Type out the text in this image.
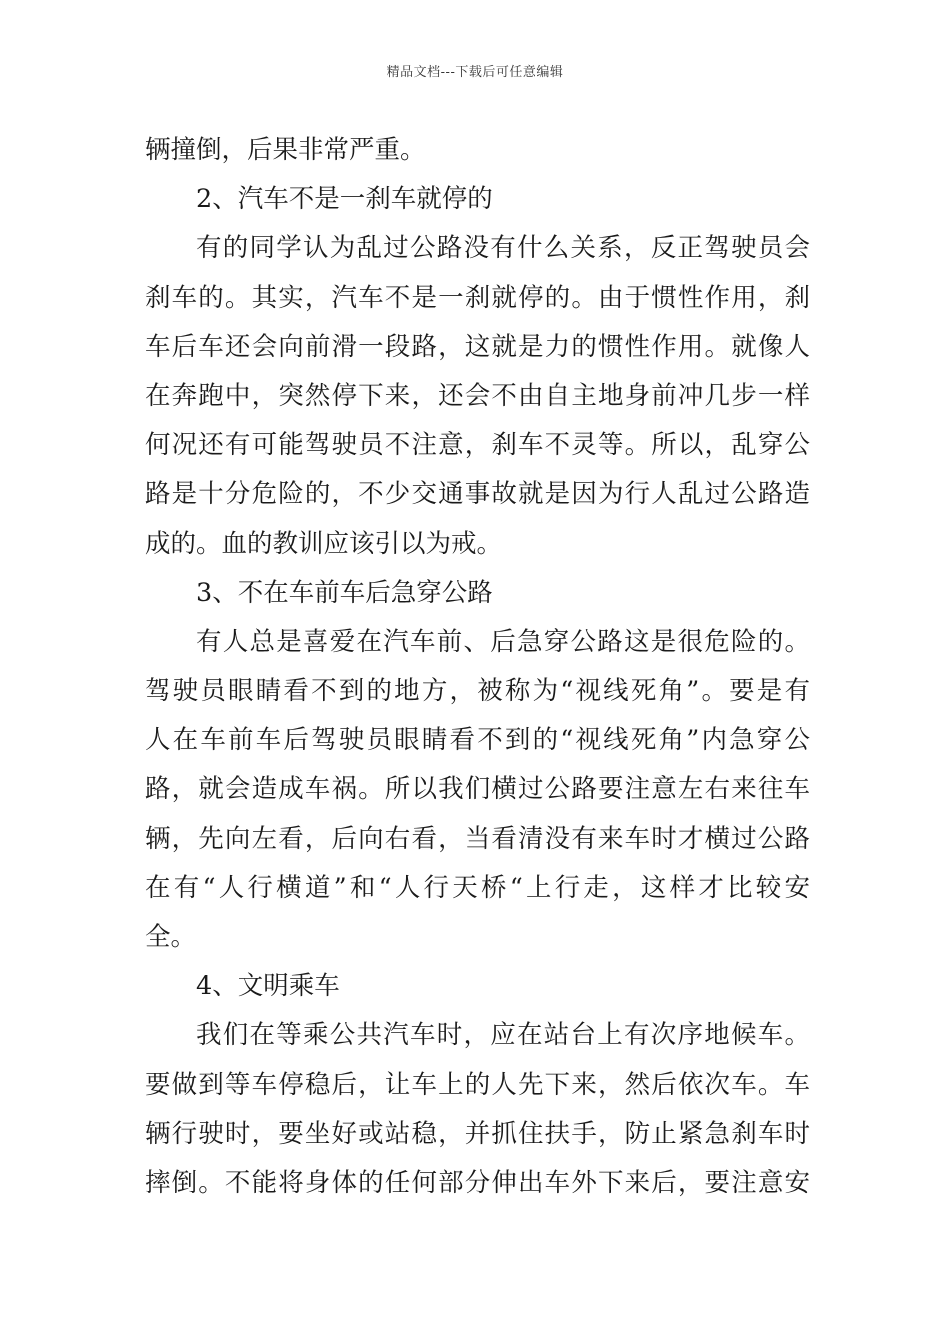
精品文档---下载后可任意编辑
辆撞倒，后果非常严重。
2、汽车不是一刹车就停的
有的同学认为乱过公路没有什么关系，反正驾驶员会
刹车的。其实，汽车不是一刹就停的。由于惯性作用，刹
车后车还会向前滑一段路，这就是力的惯性作用。就像人
在奔跑中，突然停下来，还会不由自主地身前冲几步一样
何况还有可能驾驶员不注意，刹车不灵等。所以，乱穿公
路是十分危险的，不少交通事故就是因为行人乱过公路造
成的。血的教训应该引以为戒。
3、不在车前车后急穿公路
有人总是喜爱在汽车前、后急穿公路这是很危险的。
驾驶员眼睛看不到的地方，被称为“视线死角”。要是有
人在车前车后驾驶员眼睛看不到的“视线死角”内急穿公
路，就会造成车祸。所以我们横过公路要注意左右来往车
辆，先向左看，后向右看，当看清没有来车时才横过公路
在有“人行横道”和“人行天桥“上行走，这样才比较安
全。
4、文明乘车
我们在等乘公共汽车时，应在站台上有次序地候车。
要做到等车停稳后，让车上的人先下来，然后依次车。车
辆行驶时，要坐好或站稳，并抓住扶手，防止紧急刹车时
摔倒。不能将身体的任何部分伸出车外下来后，要注意安
